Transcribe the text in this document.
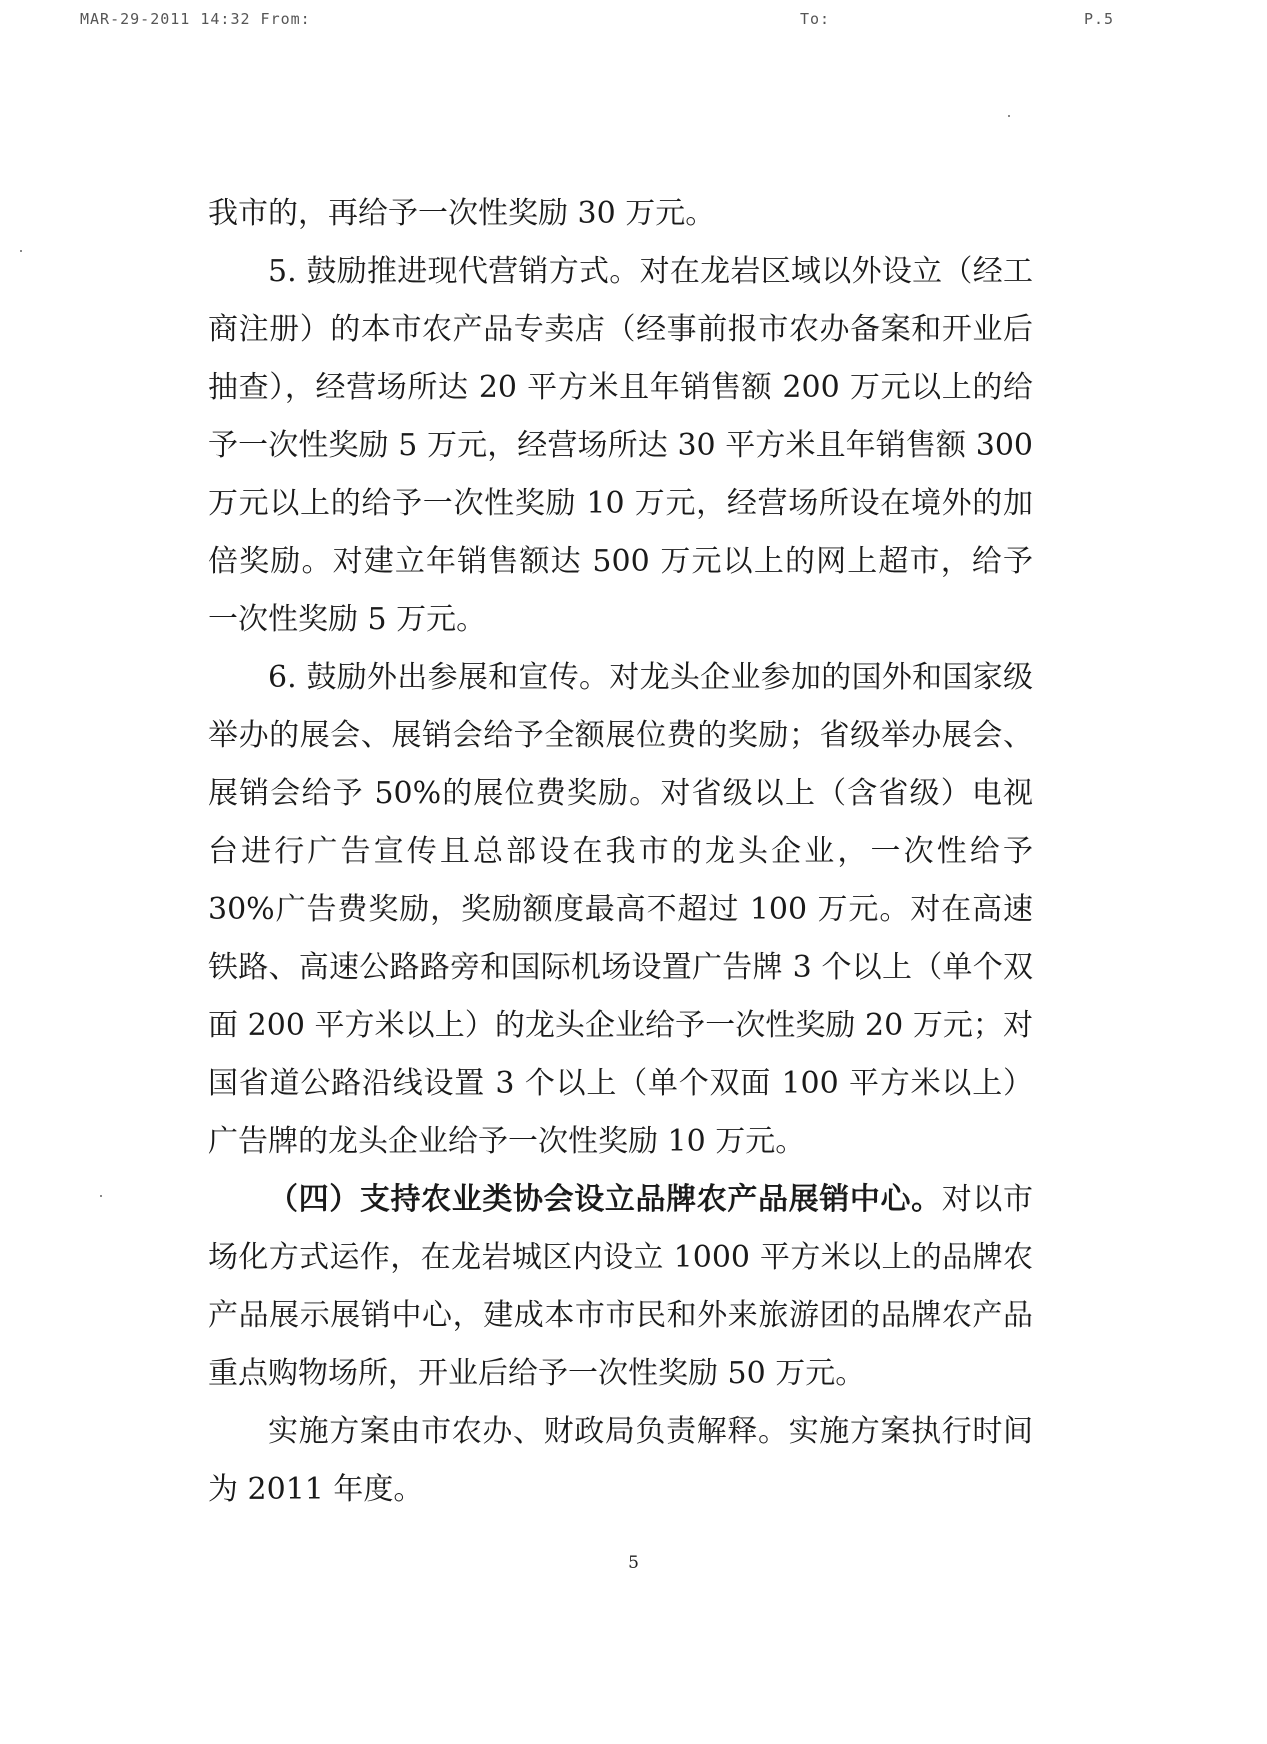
MAR-29-2011 14:32 From:	To:	P.5

我市的，再给予一次性奖励 30 万元。

5. 鼓励推进现代营销方式。对在龙岩区域以外设立（经工商注册）的本市农产品专卖店（经事前报市农办备案和开业后抽查），经营场所达 20 平方米且年销售额 200 万元以上的给予一次性奖励 5 万元，经营场所达 30 平方米且年销售额 300 万元以上的给予一次性奖励 10 万元，经营场所设在境外的加倍奖励。对建立年销售额达 500 万元以上的网上超市，给予一次性奖励 5 万元。

6. 鼓励外出参展和宣传。对龙头企业参加的国外和国家级举办的展会、展销会给予全额展位费的奖励；省级举办展会、展销会给予 50%的展位费奖励。对省级以上（含省级）电视台进行广告宣传且总部设在我市的龙头企业，一次性给予 30%广告费奖励，奖励额度最高不超过 100 万元。对在高速铁路、高速公路路旁和国际机场设置广告牌 3 个以上（单个双面 200 平方米以上）的龙头企业给予一次性奖励 20 万元；对国省道公路沿线设置 3 个以上（单个双面 100 平方米以上）广告牌的龙头企业给予一次性奖励 10 万元。

（四）支持农业类协会设立品牌农产品展销中心。对以市场化方式运作，在龙岩城区内设立 1000 平方米以上的品牌农产品展示展销中心，建成本市市民和外来旅游团的品牌农产品重点购物场所，开业后给予一次性奖励 50 万元。

实施方案由市农办、财政局负责解释。实施方案执行时间为 2011 年度。

5
